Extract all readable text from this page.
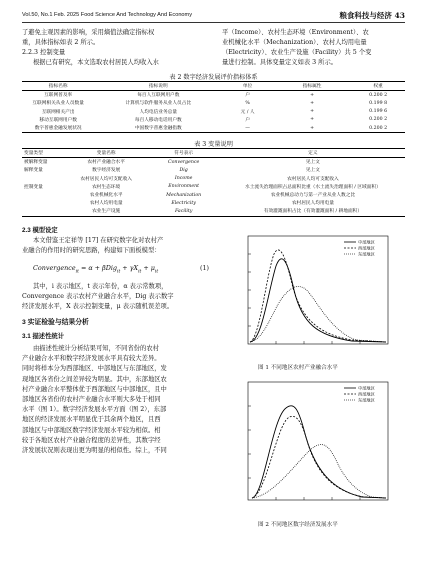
Vol.50, No.1 Feb. 2025 Food Science And Technology And Economy	粮食科技与经济 43
了避免主观因素的影响，采用熵值法确定指标权
重，具体指标如表 2 所示。
2.2.3 控制变量
根据已有研究，本文选取农村居民人均收入水
平（Income）、农村生态环境（Environment）、农
业机械化水平（Mechanization）、农村人均用电量
（Electricity）、农业生产设施（Facility）共 5 个变
量进行控制。具体变量定义如表 3 所示。
表 2 数字经济发展评价指标体系
指标名称	指标说明	单位	指标属性	权重
互联网普及率	每百人互联网用户数	户	+	0.200 2
互联网相关从业人员数量	计算机与软件服务从业人员占比	%	+	0.199 8
互联网相关产出	人均电信业务总量	元 / 人	+	0.199 6
移动互联网用户数	每百人移动电话用户数	户	+	0.200 2
数字普惠金融发展状况	中国数字普惠金融指数	—	+	0.200 2
表 3 变量说明
变量类型	变量名称	符号表示	定义
被解释变量	农村产业融合水平	Convergence	见上文
解释变量	数字经济发展	Dig	见上文
	农村居民人均可支配收入	Income	农村居民人均可支配收入
控制变量	农村生态环境	Environment	水土流失治理面积占总面积比重（水土流失治理面积 / 区域面积）
	农业机械化水平	Mechanization	农业机械总动力与第一产业从业人数之比
	农村人均用电量	Electricity	农村居民人均用电量
	农业生产设施	Facility	有效灌溉面积占比（有效灌溉面积 / 耕地面积）
2.3 模型设定
本文借鉴王定祥等 [17] 在研究数字化对农村产
业融合的作用时的研究思路，构建如下面板模型：
Convergence$_{it}$ = $\alpha + \beta Dig_{it} + \gamma X_{it} + \mu_{it}$	(1)
其中，i 表示地区，t 表示年份，α 表示常数项，
Convergence 表示农村产业融合水平，Dig 表示数字
经济发展水平，X 表示控制变量，μ 表示随机误差项。
3 实证检验与结果分析
3.1 描述性统计
由描述性统计分析结果可知，不同省份的农村
产业融合水平和数字经济发展水平具有较大差异。
同时将样本分为西部地区、中部地区与东部地区，发
现地区各省份之间差异较为明显。其中，东部地区农
村产业融合水平整体优于西部地区与中部地区，且中
部地区各省份的农村产业融合水平则大多处于相同
水平（图 1）。数字经济发展水平方面（图 2），东部
地区的经济发展水平明显优于其余两个地区，且西
部地区与中部地区数字经济发展水平较为相似。相
较于各地区农村产业融合程度的差异性，其数字经
济发展状况则表现出更为明显的相似性。综上，不同
中部地区
西部地区
东部地区
图 1 不同地区农村产业融合水平
中部地区
西部地区
东部地区
图 2 不同地区数字经济发展水平
